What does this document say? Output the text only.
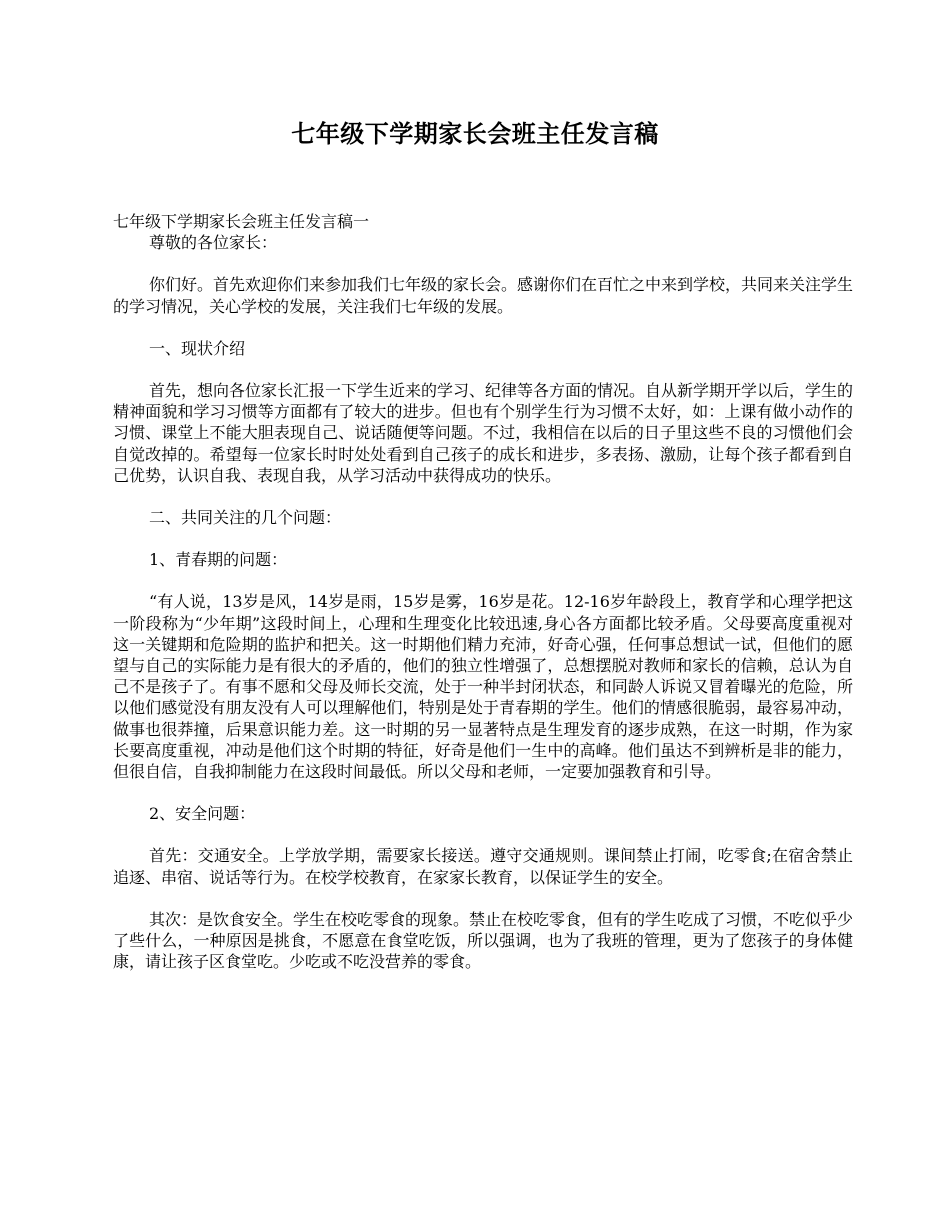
七年级下学期家长会班主任发言稿

七年级下学期家长会班主任发言稿一

尊敬的各位家长：

你们好。首先欢迎你们来参加我们七年级的家长会。感谢你们在百忙之中来到学校，共同来关注学生的学习情况，关心学校的发展，关注我们七年级的发展。

一、现状介绍

首先，想向各位家长汇报一下学生近来的学习、纪律等各方面的情况。自从新学期开学以后，学生的精神面貌和学习习惯等方面都有了较大的进步。但也有个别学生行为习惯不太好，如：上课有做小动作的习惯、课堂上不能大胆表现自己、说话随便等问题。不过，我相信在以后的日子里这些不良的习惯他们会自觉改掉的。希望每一位家长时时处处看到自己孩子的成长和进步，多表扬、激励，让每个孩子都看到自己优势，认识自我、表现自我，从学习活动中获得成功的快乐。

二、共同关注的几个问题：

1、青春期的问题：

“有人说，13岁是风，14岁是雨，15岁是雾，16岁是花。12-16岁年龄段上，教育学和心理学把这一阶段称为“少年期”这段时间上，心理和生理变化比较迅速,身心各方面都比较矛盾。父母要高度重视对这一关键期和危险期的监护和把关。这一时期他们精力充沛，好奇心强，任何事总想试一试，但他们的愿望与自己的实际能力是有很大的矛盾的，他们的独立性增强了，总想摆脱对教师和家长的信赖，总认为自己不是孩子了。有事不愿和父母及师长交流，处于一种半封闭状态，和同龄人诉说又冒着曝光的危险，所以他们感觉没有朋友没有人可以理解他们，特别是处于青春期的学生。他们的情感很脆弱，最容易冲动，做事也很莽撞，后果意识能力差。这一时期的另一显著特点是生理发育的逐步成熟，在这一时期，作为家长要高度重视，冲动是他们这个时期的特征，好奇是他们一生中的高峰。他们虽达不到辨析是非的能力，但很自信，自我抑制能力在这段时间最低。所以父母和老师，一定要加强教育和引导。

2、安全问题：

首先：交通安全。上学放学期，需要家长接送。遵守交通规则。课间禁止打闹，吃零食;在宿舍禁止追逐、串宿、说话等行为。在校学校教育，在家家长教育，以保证学生的安全。

其次：是饮食安全。学生在校吃零食的现象。禁止在校吃零食，但有的学生吃成了习惯，不吃似乎少了些什么，一种原因是挑食，不愿意在食堂吃饭，所以强调，也为了我班的管理，更为了您孩子的身体健康，请让孩子区食堂吃。少吃或不吃没营养的零食。
